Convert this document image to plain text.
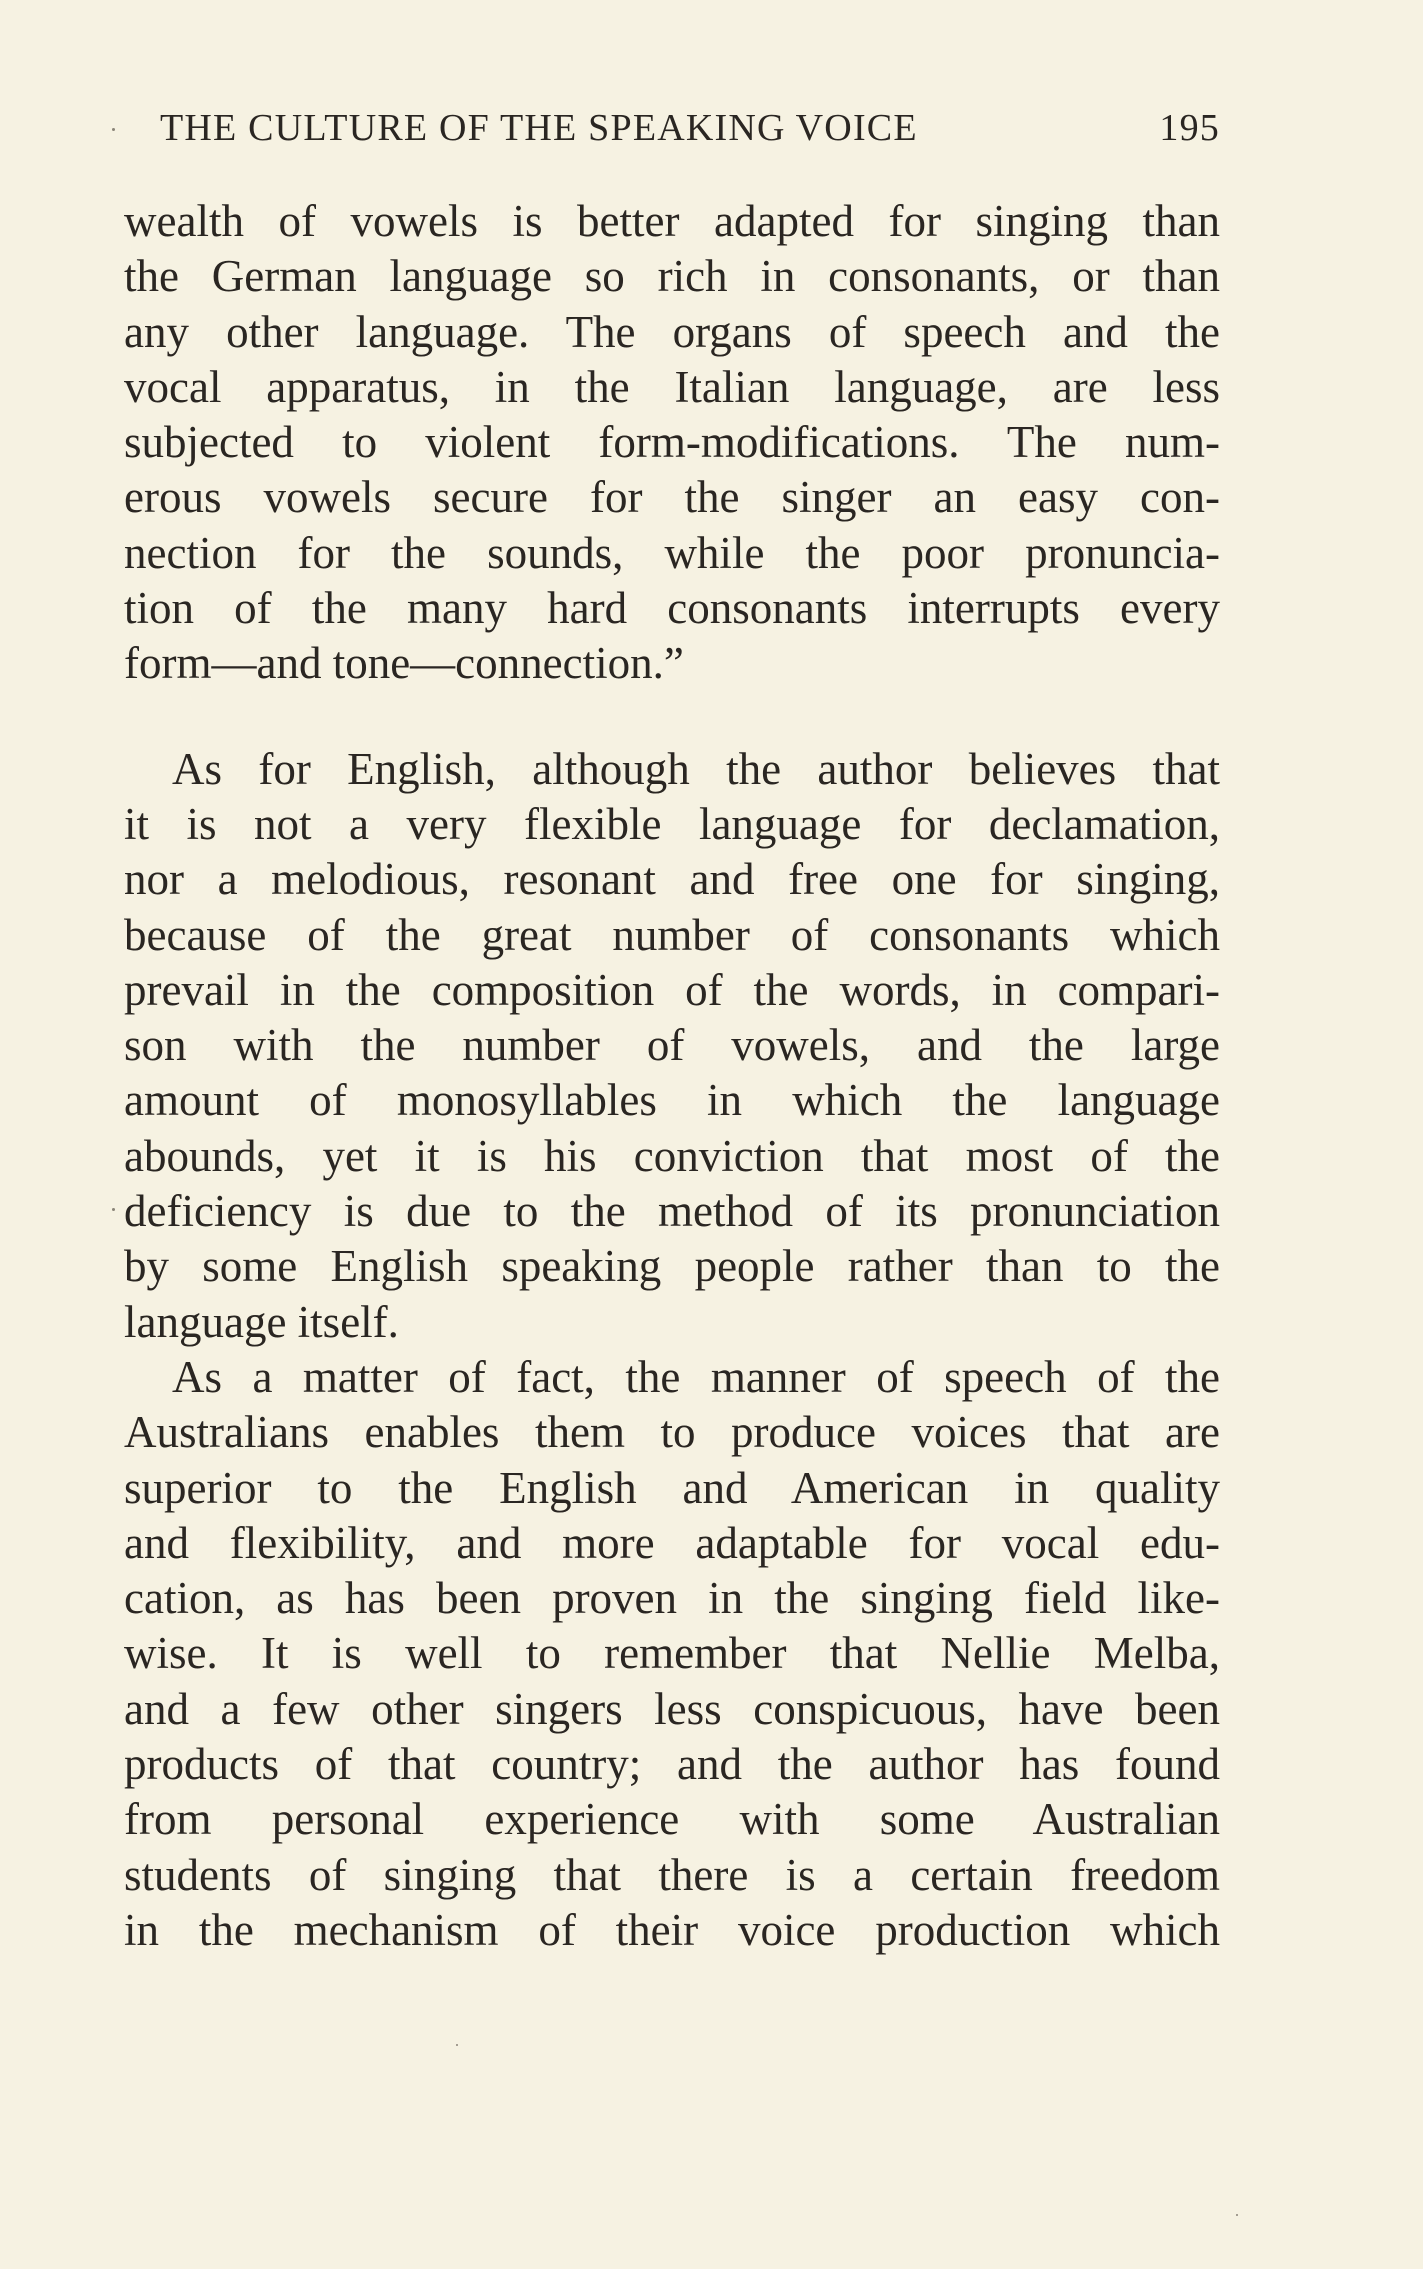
THE CULTURE OF THE SPEAKING VOICE	195
wealth of vowels is better adapted for singing than
the German language so rich in consonants, or than
any other language. The organs of speech and the
vocal apparatus, in the Italian language, are less
subjected to violent form-modifications. The num-
erous vowels secure for the singer an easy con-
nection for the sounds, while the poor pronuncia-
tion of the many hard consonants interrupts every
form—and tone—connection.”
As for English, although the author believes that
it is not a very flexible language for declamation,
nor a melodious, resonant and free one for singing,
because of the great number of consonants which
prevail in the composition of the words, in compari-
son with the number of vowels, and the large
amount of monosyllables in which the language
abounds, yet it is his conviction that most of the
deficiency is due to the method of its pronunciation
by some English speaking people rather than to the
language itself.
As a matter of fact, the manner of speech of the
Australians enables them to produce voices that are
superior to the English and American in quality
and flexibility, and more adaptable for vocal edu-
cation, as has been proven in the singing field like-
wise. It is well to remember that Nellie Melba,
and a few other singers less conspicuous, have been
products of that country; and the author has found
from personal experience with some Australian
students of singing that there is a certain freedom
in the mechanism of their voice production which
